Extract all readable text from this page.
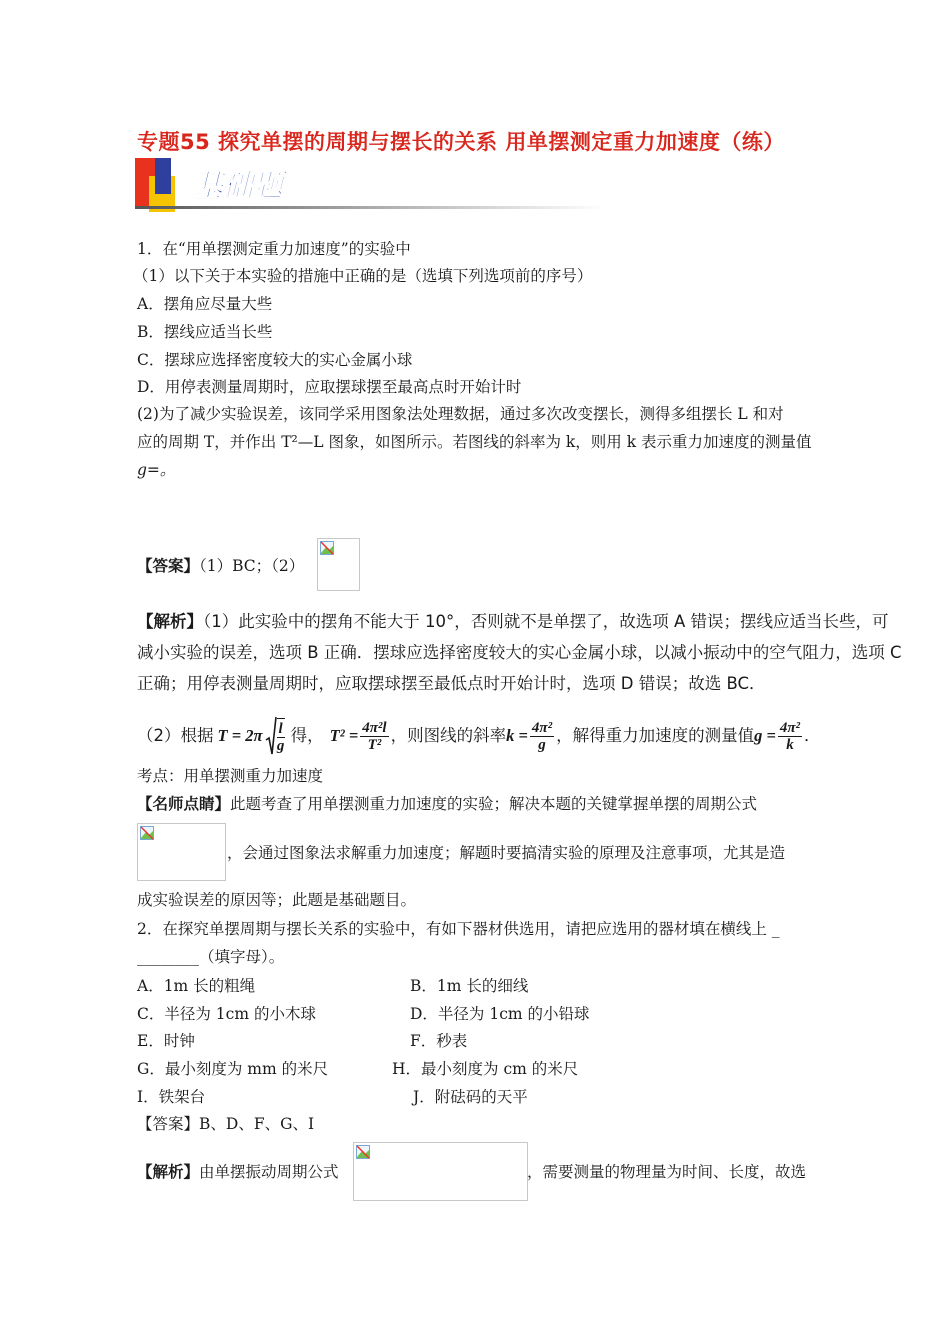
专题55 探究单摆的周期与摆长的关系 用单摆测定重力加速度（练）
基础题
1．在“用单摆测定重力加速度”的实验中
（1）以下关于本实验的措施中正确的是（选填下列选项前的序号）
A．摆角应尽量大些
B．摆线应适当长些
C．摆球应选择密度较大的实心金属小球
D．用停表测量周期时，应取摆球摆至最高点时开始计时
(2)为了减少实验误差，该同学采用图象法处理数据，通过多次改变摆长，测得多组摆长 L 和对
应的周期 T，并作出 T²—L 图象，如图所示。若图线的斜率为 k，则用 k 表示重力加速度的测量值
g=。
【答案】（1）BC；（2）
【解析】（1）此实验中的摆角不能大于 10°，否则就不是单摆了，故选项 A 错误；摆线应适当长些，可
减小实验的误差，选项 B 正确．摆球应选择密度较大的实心金属小球，以减小振动中的空气阻力，选项 C
正确；用停表测量周期时，应取摆球摆至最低点时开始计时，选项 D 错误；故选 BC．
（2）根据 $T = 2\pi \frac{l}{g}$ 得， $T^2 = \frac{\text{4π²l}}{\text{T²}}$ ，则图线的斜率 $k = \frac{\text{4π²}}{g}$ ，解得重力加速度的测量值 $g = \frac{\text{4π²}}{k}$ ．
考点：用单摆测重力加速度
【名师点睛】此题考查了用单摆测重力加速度的实验；解决本题的关键掌握单摆的周期公式
，会通过图象法求解重力加速度；解题时要搞清实验的原理及注意事项，尤其是造
成实验误差的原因等；此题是基础题目。
2．在探究单摆周期与摆长关系的实验中，有如下器材供选用，请把应选用的器材填在横线上 _
________（填字母）。
A．1m 长的粗绳	B．1m 长的细线
C．半径为 1cm 的小木球	D．半径为 1cm 的小铅球
E．时钟	F．秒表
G．最小刻度为 mm 的米尺	H．最小刻度为 cm 的米尺
I．铁架台	J．附砝码的天平
【答案】B、D、F、G、I
【解析】由单摆振动周期公式	，需要测量的物理量为时间、长度，故选
